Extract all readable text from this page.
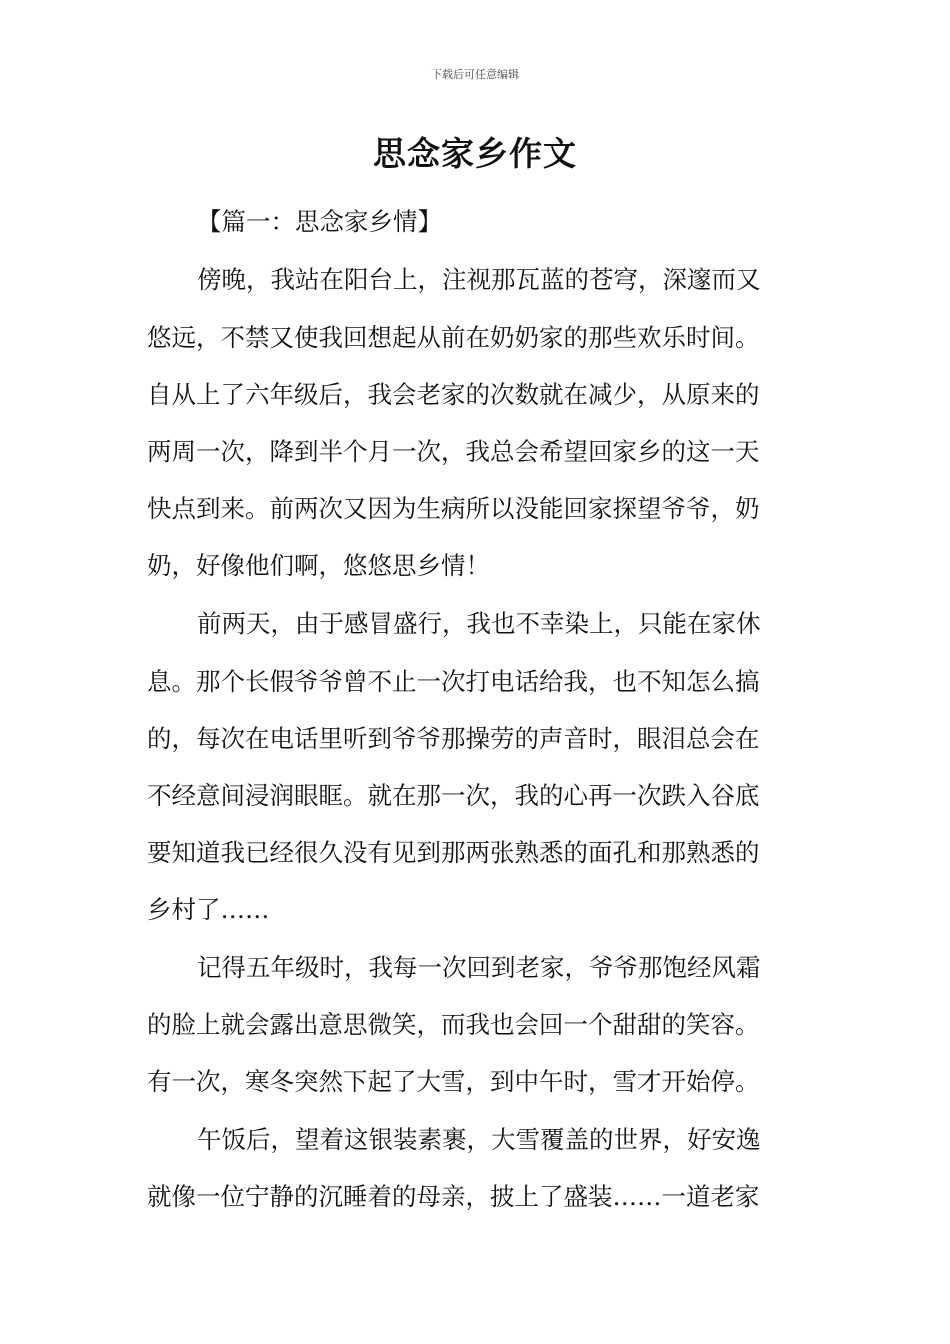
下载后可任意编辑
思念家乡作文
【篇一：思念家乡情】
傍晚，我站在阳台上，注视那瓦蓝的苍穹，深邃而又
悠远，不禁又使我回想起从前在奶奶家的那些欢乐时间。
自从上了六年级后，我会老家的次数就在减少，从原来的
两周一次，降到半个月一次，我总会希望回家乡的这一天
快点到来。前两次又因为生病所以没能回家探望爷爷，奶
奶，好像他们啊，悠悠思乡情！
前两天，由于感冒盛行，我也不幸染上，只能在家休
息。那个长假爷爷曾不止一次打电话给我，也不知怎么搞
的，每次在电话里听到爷爷那操劳的声音时，眼泪总会在
不经意间浸润眼眶。就在那一次，我的心再一次跌入谷底
要知道我已经很久没有见到那两张熟悉的面孔和那熟悉的
乡村了……
记得五年级时，我每一次回到老家，爷爷那饱经风霜
的脸上就会露出意思微笑，而我也会回一个甜甜的笑容。
有一次，寒冬突然下起了大雪，到中午时，雪才开始停。
午饭后，望着这银装素裹，大雪覆盖的世界，好安逸
就像一位宁静的沉睡着的母亲，披上了盛装……一道老家
